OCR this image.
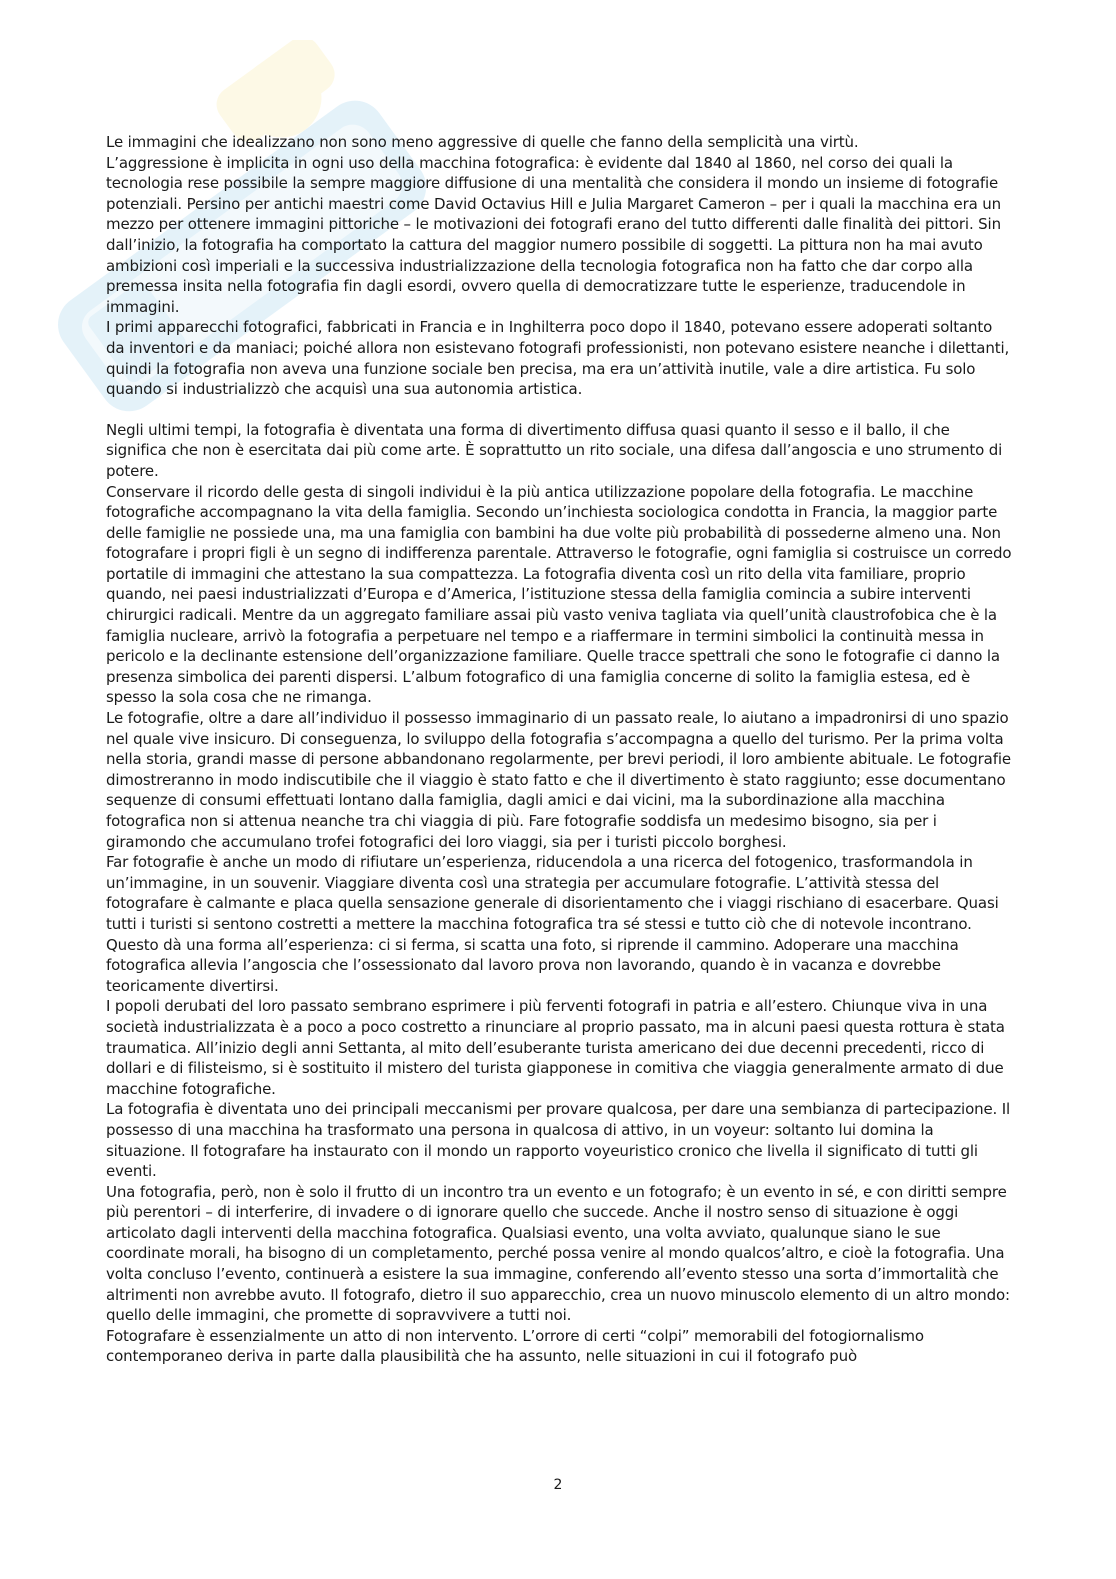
Le immagini che idealizzano non sono meno aggressive di quelle che fanno della semplicità una virtù.

L’aggressione è implicita in ogni uso della macchina fotografica: è evidente dal 1840 al 1860, nel corso dei quali la tecnologia rese possibile la sempre maggiore diffusione di una mentalità che considera il mondo un insieme di fotografie potenziali. Persino per antichi maestri come David Octavius Hill e Julia Margaret Cameron – per i quali la macchina era un mezzo per ottenere immagini pittoriche – le motivazioni dei fotografi erano del tutto differenti dalle finalità dei pittori. Sin dall’inizio, la fotografia ha comportato la cattura del maggior numero possibile di soggetti. La pittura non ha mai avuto ambizioni così imperiali e la successiva industrializzazione della tecnologia fotografica non ha fatto che dar corpo alla premessa insita nella fotografia fin dagli esordi, ovvero quella di democratizzare tutte le esperienze, traducendole in immagini.

I primi apparecchi fotografici, fabbricati in Francia e in Inghilterra poco dopo il 1840, potevano essere adoperati soltanto da inventori e da maniaci; poiché allora non esistevano fotografi professionisti, non potevano esistere neanche i dilettanti, quindi la fotografia non aveva una funzione sociale ben precisa, ma era un’attività inutile, vale a dire artistica. Fu solo quando si industrializzò che acquisì una sua autonomia artistica.

Negli ultimi tempi, la fotografia è diventata una forma di divertimento diffusa quasi quanto il sesso e il ballo, il che significa che non è esercitata dai più come arte. È soprattutto un rito sociale, una difesa dall’angoscia e uno strumento di potere.

Conservare il ricordo delle gesta di singoli individui è la più antica utilizzazione popolare della fotografia. Le macchine fotografiche accompagnano la vita della famiglia. Secondo un’inchiesta sociologica condotta in Francia, la maggior parte delle famiglie ne possiede una, ma una famiglia con bambini ha due volte più probabilità di possederne almeno una. Non fotografare i propri figli è un segno di indifferenza parentale. Attraverso le fotografie, ogni famiglia si costruisce un corredo portatile di immagini che attestano la sua compattezza. La fotografia diventa così un rito della vita familiare, proprio quando, nei paesi industrializzati d’Europa e d’America, l’istituzione stessa della famiglia comincia a subire interventi chirurgici radicali. Mentre da un aggregato familiare assai più vasto veniva tagliata via quell’unità claustrofobica che è la famiglia nucleare, arrivò la fotografia a perpetuare nel tempo e a riaffermare in termini simbolici la continuità messa in pericolo e la declinante estensione dell’organizzazione familiare. Quelle tracce spettrali che sono le fotografie ci danno la presenza simbolica dei parenti dispersi. L’album fotografico di una famiglia concerne di solito la famiglia estesa, ed è spesso la sola cosa che ne rimanga.

Le fotografie, oltre a dare all’individuo il possesso immaginario di un passato reale, lo aiutano a impadronirsi di uno spazio nel quale vive insicuro. Di conseguenza, lo sviluppo della fotografia s’accompagna a quello del turismo. Per la prima volta nella storia, grandi masse di persone abbandonano regolarmente, per brevi periodi, il loro ambiente abituale. Le fotografie dimostreranno in modo indiscutibile che il viaggio è stato fatto e che il divertimento è stato raggiunto; esse documentano sequenze di consumi effettuati lontano dalla famiglia, dagli amici e dai vicini, ma la subordinazione alla macchina fotografica non si attenua neanche tra chi viaggia di più. Fare fotografie soddisfa un medesimo bisogno, sia per i giramondo che accumulano trofei fotografici dei loro viaggi, sia per i turisti piccolo borghesi.

Far fotografie è anche un modo di rifiutare un’esperienza, riducendola a una ricerca del fotogenico, trasformandola in un’immagine, in un souvenir. Viaggiare diventa così una strategia per accumulare fotografie. L’attività stessa del fotografare è calmante e placa quella sensazione generale di disorientamento che i viaggi rischiano di esacerbare. Quasi tutti i turisti si sentono costretti a mettere la macchina fotografica tra sé stessi e tutto ciò che di notevole incontrano. Questo dà una forma all’esperienza: ci si ferma, si scatta una foto, si riprende il cammino. Adoperare una macchina fotografica allevia l’angoscia che l’ossessionato dal lavoro prova non lavorando, quando è in vacanza e dovrebbe teoricamente divertirsi.

I popoli derubati del loro passato sembrano esprimere i più ferventi fotografi in patria e all’estero. Chiunque viva in una società industrializzata è a poco a poco costretto a rinunciare al proprio passato, ma in alcuni paesi questa rottura è stata traumatica. All’inizio degli anni Settanta, al mito dell’esuberante turista americano dei due decenni precedenti, ricco di dollari e di filisteismo, si è sostituito il mistero del turista giapponese in comitiva che viaggia generalmente armato di due macchine fotografiche.

La fotografia è diventata uno dei principali meccanismi per provare qualcosa, per dare una sembianza di partecipazione. Il possesso di una macchina ha trasformato una persona in qualcosa di attivo, in un voyeur: soltanto lui domina la situazione. Il fotografare ha instaurato con il mondo un rapporto voyeuristico cronico che livella il significato di tutti gli eventi.

Una fotografia, però, non è solo il frutto di un incontro tra un evento e un fotografo; è un evento in sé, e con diritti sempre più perentori – di interferire, di invadere o di ignorare quello che succede. Anche il nostro senso di situazione è oggi articolato dagli interventi della macchina fotografica. Qualsiasi evento, una volta avviato, qualunque siano le sue coordinate morali, ha bisogno di un completamento, perché possa venire al mondo qualcos’altro, e cioè la fotografia. Una volta concluso l’evento, continuerà a esistere la sua immagine, conferendo all’evento stesso una sorta d’immortalità che altrimenti non avrebbe avuto. Il fotografo, dietro il suo apparecchio, crea un nuovo minuscolo elemento di un altro mondo: quello delle immagini, che promette di sopravvivere a tutti noi.

Fotografare è essenzialmente un atto di non intervento. L’orrore di certi “colpi” memorabili del fotogiornalismo contemporaneo deriva in parte dalla plausibilità che ha assunto, nelle situazioni in cui il fotografo può

2
